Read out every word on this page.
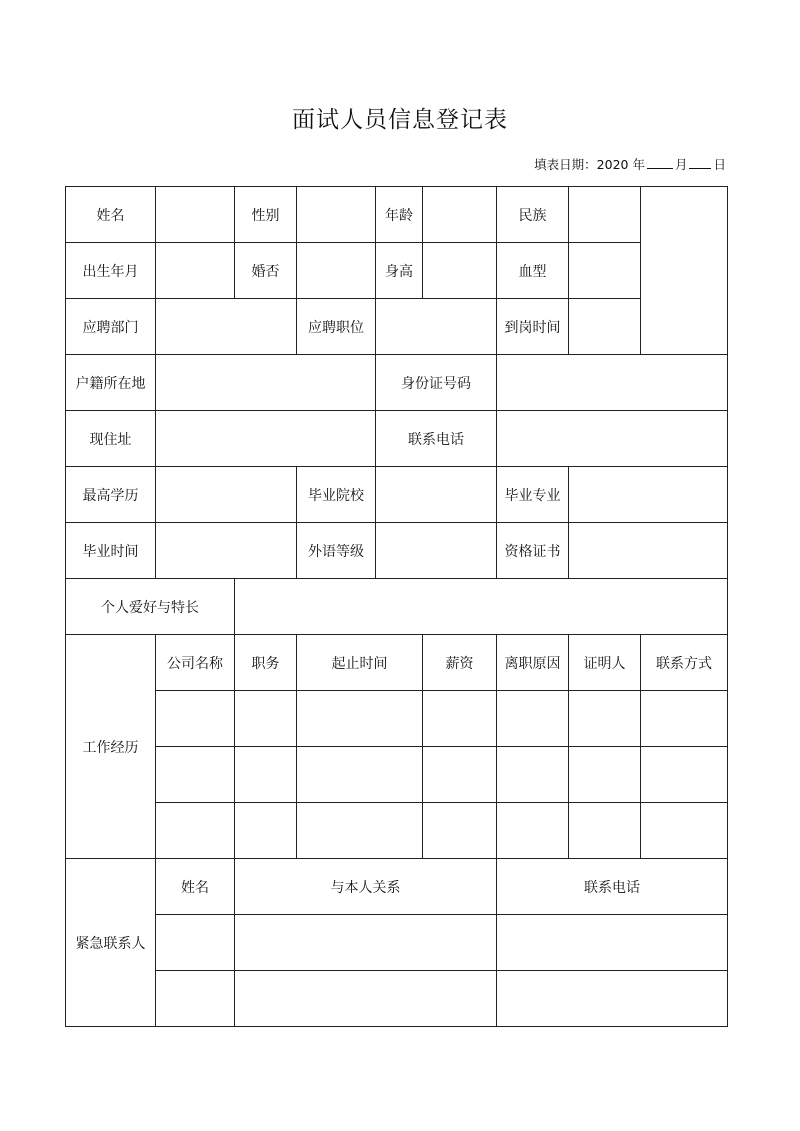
面试人员信息登记表
填表日期：2020 年 月 日
姓名		性别		年龄		民族		
出生年月		婚否		身高		血型		
应聘部门			应聘职位			到岗时间		
户籍所在地				身份证号码				
现住址				联系电话				
最高学历			毕业院校			毕业专业		
毕业时间			外语等级			资格证书		
个人爱好与特长								
工作经历	公司名称	职务	起止时间		薪资	离职原因	证明人	联系方式

紧急联系人	姓名	与本人关系				联系电话		
